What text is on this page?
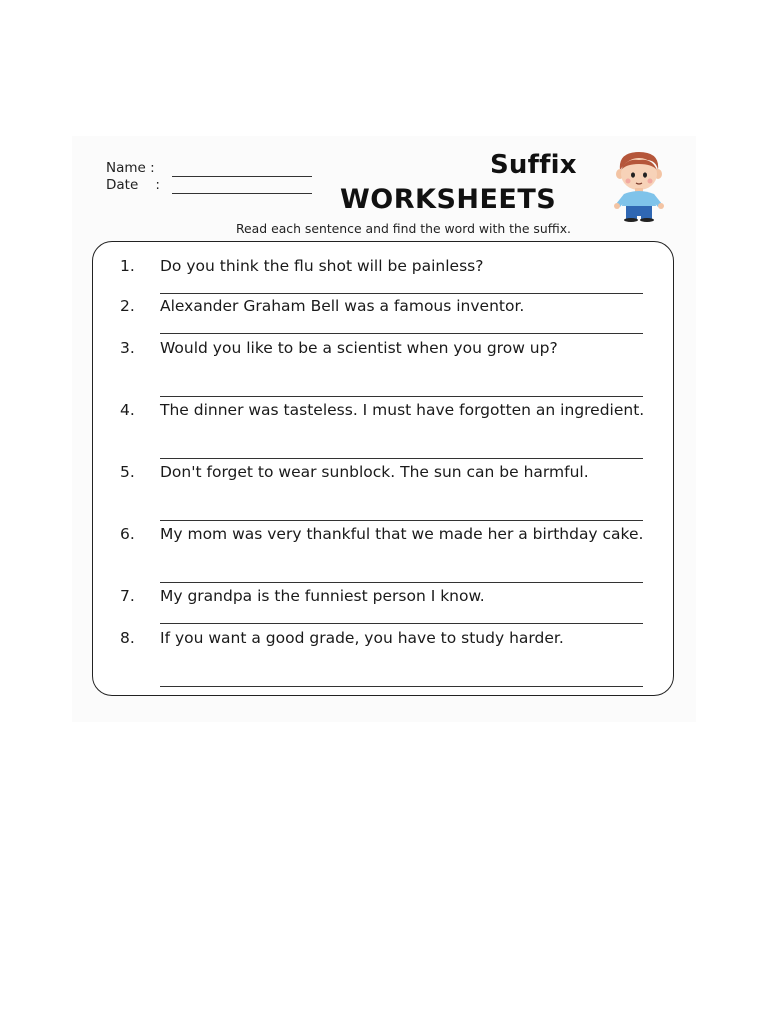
Name :
Date    :
Suffix
WORKSHEETS
Read each sentence and find the word with the suffix.
1.	Do you think the flu shot will be painless?
2.	Alexander Graham Bell was a famous inventor.
3.	Would you like to be a scientist when you grow up?
4.	The dinner was tasteless. I must have forgotten an ingredient.
5.	Don't forget to wear sunblock. The sun can be harmful.
6.	My mom was very thankful that we made her a birthday cake.
7.	My grandpa is the funniest person I know.
8.	If you want a good grade, you have to study harder.
